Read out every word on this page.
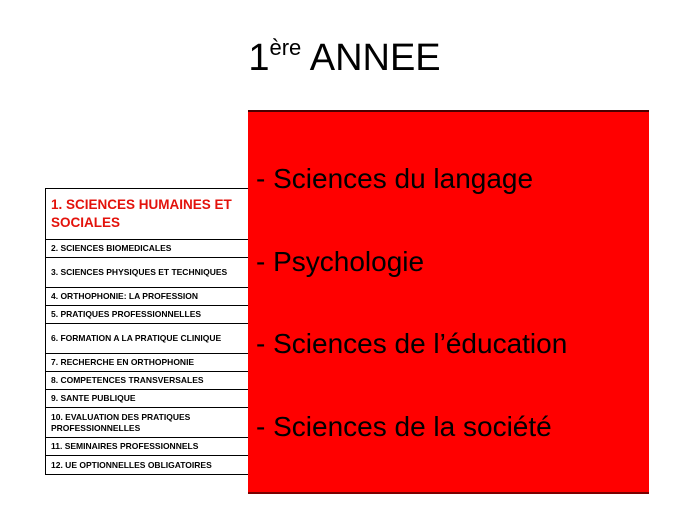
1ère ANNEE
1. SCIENCES HUMAINES ET SOCIALES
2. SCIENCES BIOMEDICALES
3. SCIENCES PHYSIQUES ET TECHNIQUES
4. ORTHOPHONIE: LA PROFESSION
5. PRATIQUES PROFESSIONNELLES
6. FORMATION A LA PRATIQUE CLINIQUE
7. RECHERCHE EN ORTHOPHONIE
8. COMPETENCES TRANSVERSALES
9. SANTE PUBLIQUE
10. EVALUATION DES PRATIQUES PROFESSIONNELLES
11. SEMINAIRES PROFESSIONNELS
12. UE OPTIONNELLES OBLIGATOIRES
- Sciences du langage
- Psychologie
- Sciences de l’éducation
- Sciences de la société
